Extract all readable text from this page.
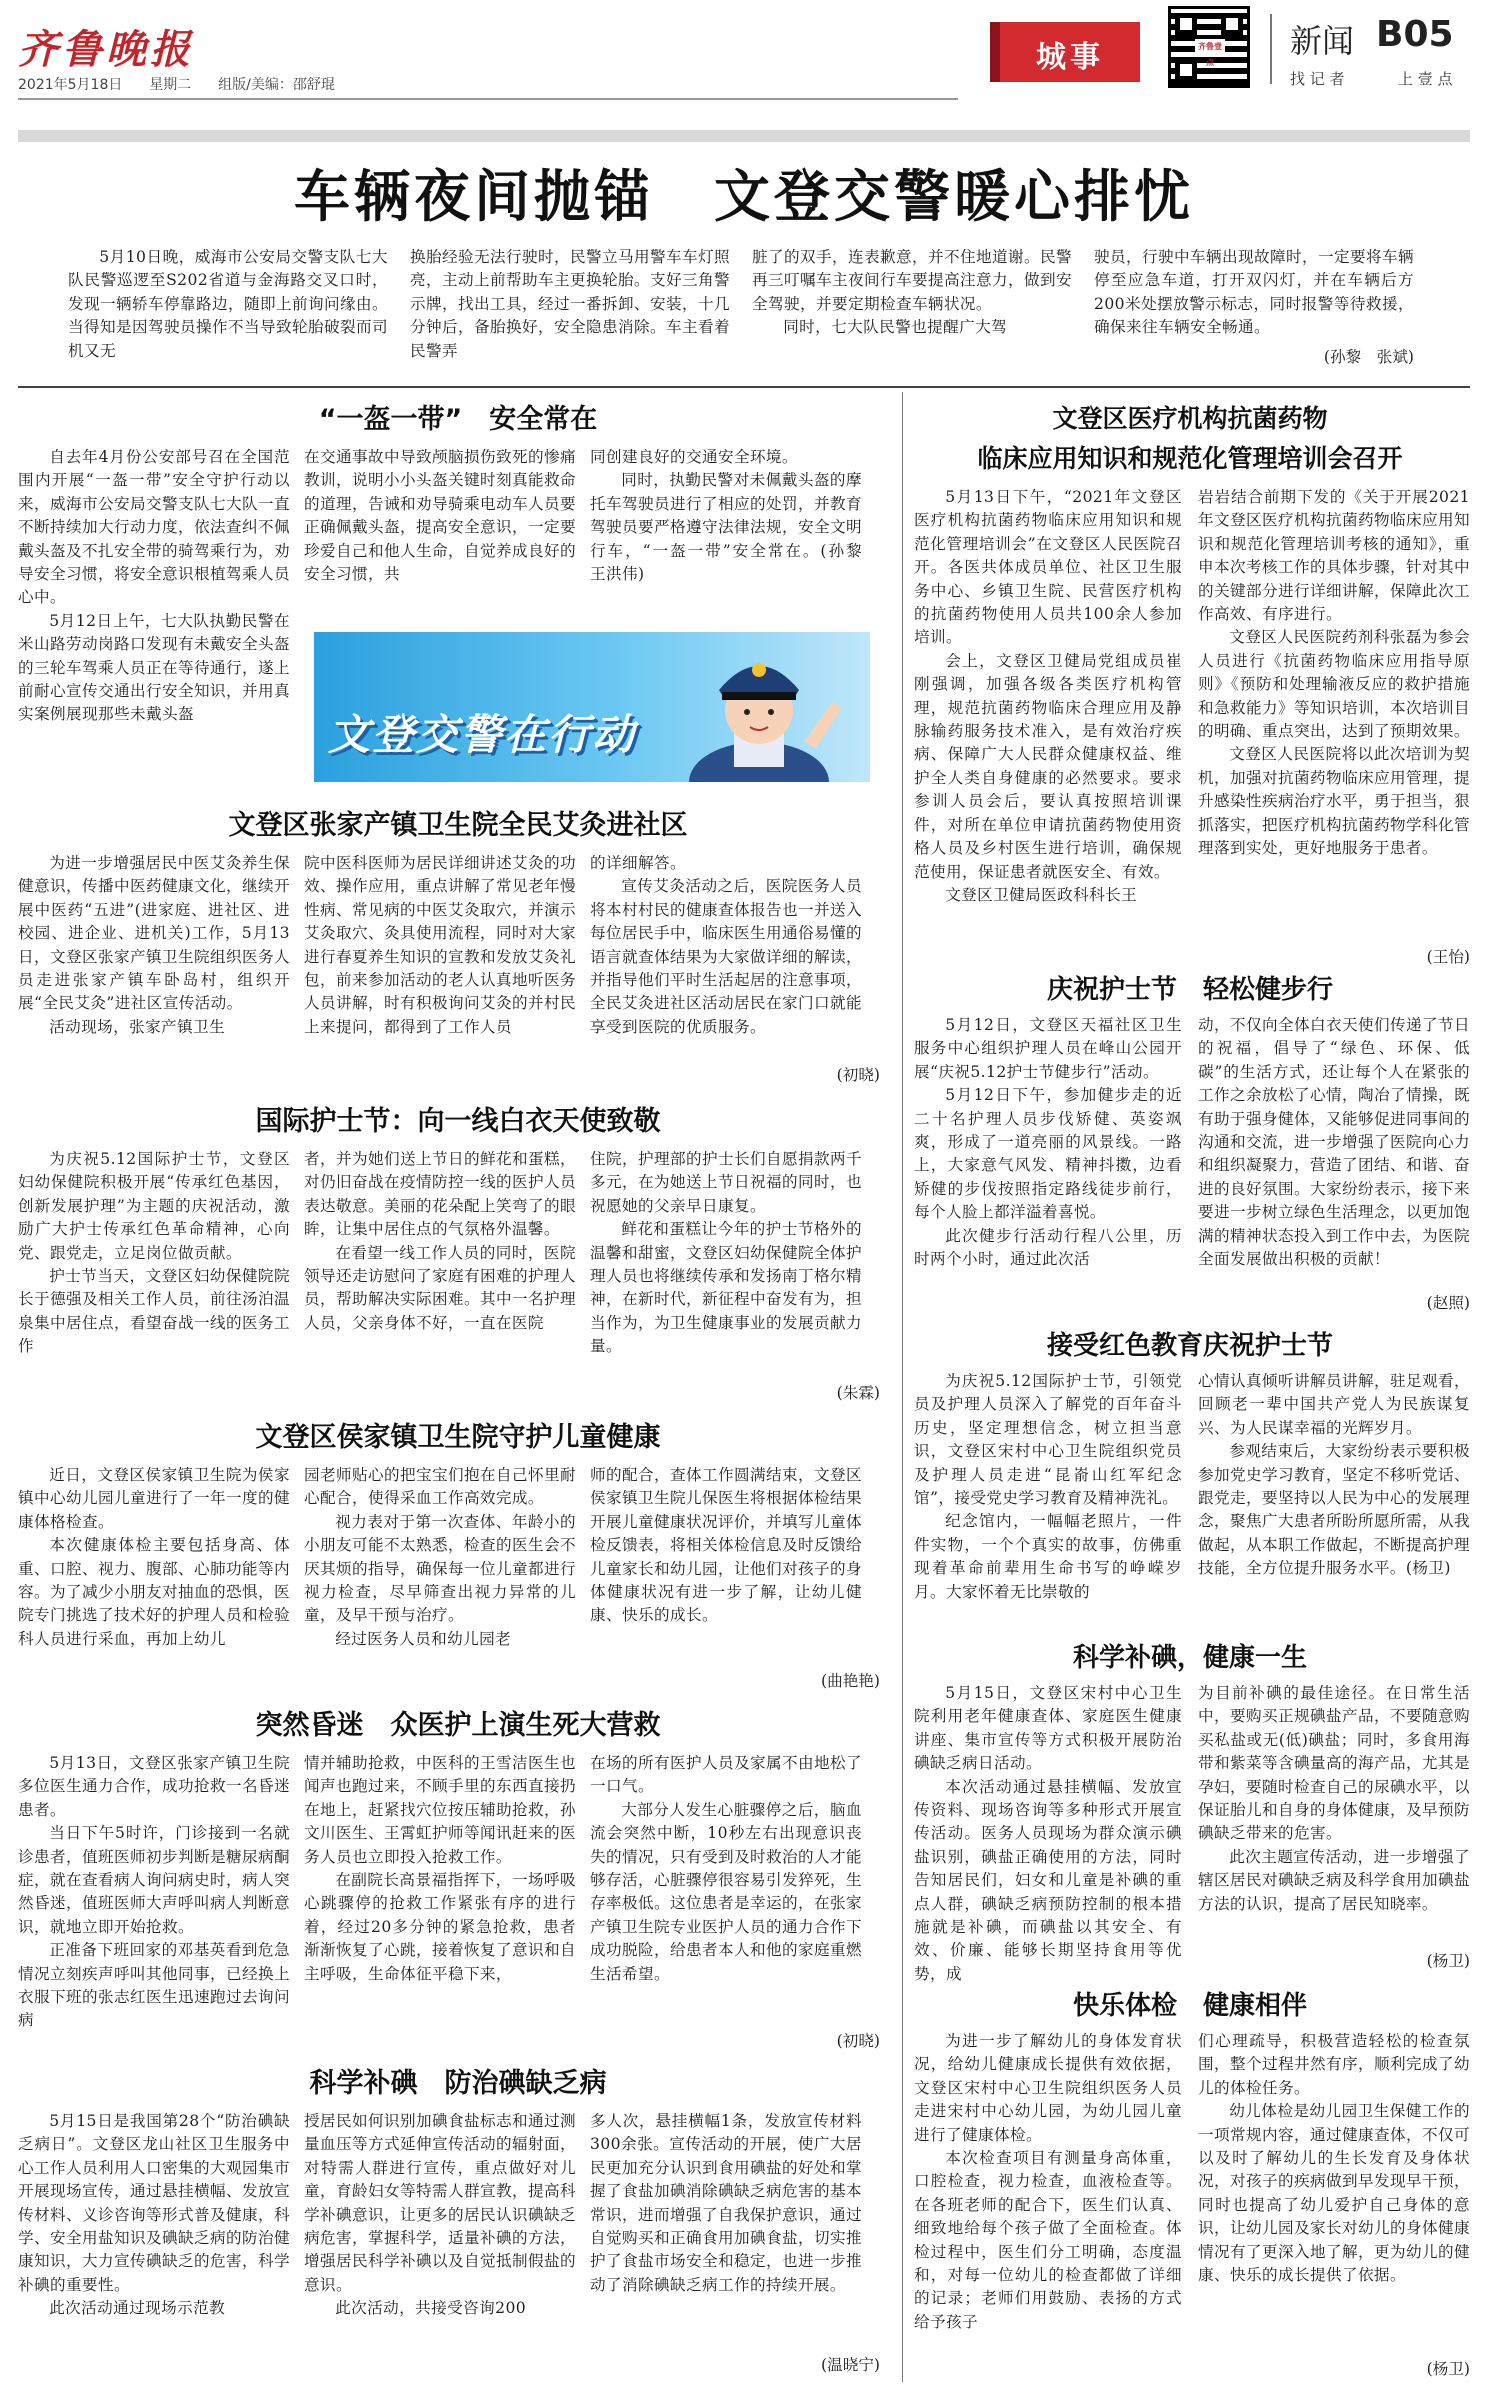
齐鲁晚报
2021年5月18日 星期二 组版/美编：邵舒琨
城事	齐鲁壹点
新闻 B05
找 记 者	上 壹 点
车辆夜间抛锚　文登交警暖心排忧

5月10日晚，威海市公安局交警支队七大队民警巡逻至S202省道与金海路交叉口时，发现一辆轿车停靠路边，随即上前询问缘由。当得知是因驾驶员操作不当导致轮胎破裂而司机又无

换胎经验无法行驶时，民警立马用警车车灯照亮，主动上前帮助车主更换轮胎。支好三角警示牌，找出工具，经过一番拆卸、安装，十几分钟后，备胎换好，安全隐患消除。车主看着民警弄

脏了的双手，连表歉意，并不住地道谢。民警再三叮嘱车主夜间行车要提高注意力，做到安全驾驶，并要定期检查车辆状况。

同时，七大队民警也提醒广大驾

驶员，行驶中车辆出现故障时，一定要将车辆停至应急车道，打开双闪灯，并在车辆后方200米处摆放警示标志，同时报警等待救援，确保来往车辆安全畅通。

(孙黎　张斌)
“一盔一带”　安全常在

自去年4月份公安部号召在全国范围内开展“一盔一带”安全守护行动以来，威海市公安局交警支队七大队一直不断持续加大行动力度，依法查纠不佩戴头盔及不扎安全带的骑驾乘行为，劝导安全习惯，将安全意识根植驾乘人员心中。

5月12日上午，七大队执勤民警在米山路劳动岗路口发现有未戴安全头盔的三轮车驾乘人员正在等待通行，遂上前耐心宣传交通出行安全知识，并用真实案例展现那些未戴头盔

在交通事故中导致颅脑损伤致死的惨痛教训，说明小小头盔关键时刻真能救命的道理，告诫和劝导骑乘电动车人员要正确佩戴头盔，提高安全意识，一定要珍爱自己和他人生命，自觉养成良好的安全习惯，共

同创建良好的交通安全环境。

同时，执勤民警对未佩戴头盔的摩托车驾驶员进行了相应的处罚，并教育驾驶员要严格遵守法律法规，安全文明行车，“一盔一带”安全常在。(孙黎　王洪伟)

文登交警在行动
文登区张家产镇卫生院全民艾灸进社区

为进一步增强居民中医艾灸养生保健意识，传播中医药健康文化，继续开展中医药“五进”(进家庭、进社区、进校园、进企业、进机关)工作，5月13日，文登区张家产镇卫生院组织医务人员走进张家产镇车卧岛村，组织开展“全民艾灸”进社区宣传活动。

活动现场，张家产镇卫生

院中医科医师为居民详细讲述艾灸的功效、操作应用，重点讲解了常见老年慢性病、常见病的中医艾灸取穴，并演示艾灸取穴、灸具使用流程，同时对大家进行春夏养生知识的宣教和发放艾灸礼包，前来参加活动的老人认真地听医务人员讲解，时有积极询问艾灸的并村民上来提问，都得到了工作人员

的详细解答。

宣传艾灸活动之后，医院医务人员将本村村民的健康查体报告也一并送入每位居民手中，临床医生用通俗易懂的语言就查体结果为大家做详细的解读，并指导他们平时生活起居的注意事项，全民艾灸进社区活动居民在家门口就能享受到医院的优质服务。

(初晓)
国际护士节：向一线白衣天使致敬

为庆祝5.12国际护士节，文登区妇幼保健院积极开展“传承红色基因，创新发展护理”为主题的庆祝活动，激励广大护士传承红色革命精神，心向党、跟党走，立足岗位做贡献。

护士节当天，文登区妇幼保健院院长于德强及相关工作人员，前往汤泊温泉集中居住点，看望奋战一线的医务工作

者，并为她们送上节日的鲜花和蛋糕，对仍旧奋战在疫情防控一线的医护人员表达敬意。美丽的花朵配上笑弯了的眼眸，让集中居住点的气氛格外温馨。

在看望一线工作人员的同时，医院领导还走访慰问了家庭有困难的护理人员，帮助解决实际困难。其中一名护理人员，父亲身体不好，一直在医院

住院，护理部的护士长们自愿捐款两千多元，在为她送上节日祝福的同时，也祝愿她的父亲早日康复。

鲜花和蛋糕让今年的护士节格外的温馨和甜蜜，文登区妇幼保健院全体护理人员也将继续传承和发扬南丁格尔精神，在新时代，新征程中奋发有为，担当作为，为卫生健康事业的发展贡献力量。

(朱霖)
文登区侯家镇卫生院守护儿童健康

近日，文登区侯家镇卫生院为侯家镇中心幼儿园儿童进行了一年一度的健康体格检查。

本次健康体检主要包括身高、体重、口腔、视力、腹部、心肺功能等内容。为了减少小朋友对抽血的恐惧，医院专门挑选了技术好的护理人员和检验科人员进行采血，再加上幼儿

园老师贴心的把宝宝们抱在自己怀里耐心配合，使得采血工作高效完成。

视力表对于第一次查体、年龄小的小朋友可能不太熟悉，检查的医生会不厌其烦的指导，确保每一位儿童都进行视力检查，尽早筛查出视力异常的儿童，及早干预与治疗。

经过医务人员和幼儿园老

师的配合，查体工作圆满结束，文登区侯家镇卫生院儿保医生将根据体检结果开展儿童健康状况评价，并填写儿童体检反馈表，将相关体检信息及时反馈给儿童家长和幼儿园，让他们对孩子的身体健康状况有进一步了解，让幼儿健康、快乐的成长。

(曲艳艳)
突然昏迷　众医护上演生死大营救

5月13日，文登区张家产镇卫生院多位医生通力合作，成功抢救一名昏迷患者。

当日下午5时许，门诊接到一名就诊患者，值班医师初步判断是糖尿病酮症，就在查看病人询问病史时，病人突然昏迷，值班医师大声呼叫病人判断意识，就地立即开始抢救。

正准备下班回家的邓基英看到危急情况立刻疾声呼叫其他同事，已经换上衣服下班的张志红医生迅速跑过去询问病

情并辅助抢救，中医科的王雪洁医生也闻声也跑过来，不顾手里的东西直接扔在地上，赶紧找穴位按压辅助抢救，孙文川医生、王霄虹护师等闻讯赶来的医务人员也立即投入抢救工作。

在副院长高景福指挥下，一场呼吸心跳骤停的抢救工作紧张有序的进行着，经过20多分钟的紧急抢救，患者渐渐恢复了心跳，接着恢复了意识和自主呼吸，生命体征平稳下来，

在场的所有医护人员及家属不由地松了一口气。

大部分人发生心脏骤停之后，脑血流会突然中断，10秒左右出现意识丧失的情况，只有受到及时救治的人才能够存活，心脏骤停很容易引发猝死，生存率极低。这位患者是幸运的，在张家产镇卫生院专业医护人员的通力合作下成功脱险，给患者本人和他的家庭重燃生活希望。

(初晓)
科学补碘　防治碘缺乏病

5月15日是我国第28个“防治碘缺乏病日”。文登区龙山社区卫生服务中心工作人员利用人口密集的大观园集市开展现场宣传，通过悬挂横幅、发放宣传材料、义诊咨询等形式普及健康，科学、安全用盐知识及碘缺乏病的防治健康知识，大力宣传碘缺乏的危害，科学补碘的重要性。

此次活动通过现场示范教

授居民如何识别加碘食盐标志和通过测量血压等方式延伸宣传活动的辐射面，对特需人群进行宣传，重点做好对儿童，育龄妇女等特需人群宣教，提高科学补碘意识，让更多的居民认识碘缺乏病危害，掌握科学，适量补碘的方法，增强居民科学补碘以及自觉抵制假盐的意识。

此次活动，共接受咨询200

多人次，悬挂横幅1条，发放宣传材料300余张。宣传活动的开展，使广大居民更加充分认识到食用碘盐的好处和掌握了食盐加碘消除碘缺乏病危害的基本常识，进而增强了自我保护意识，通过自觉购买和正确食用加碘食盐，切实推护了食盐市场安全和稳定，也进一步推动了消除碘缺乏病工作的持续开展。

(温晓宁)
文登区医疗机构抗菌药物
临床应用知识和规范化管理培训会召开

5月13日下午，“2021年文登区医疗机构抗菌药物临床应用知识和规范化管理培训会”在文登区人民医院召开。各医共体成员单位、社区卫生服务中心、乡镇卫生院、民营医疗机构的抗菌药物使用人员共100余人参加培训。

会上，文登区卫健局党组成员崔刚强调，加强各级各类医疗机构管理，规范抗菌药物临床合理应用及静脉输药服务技术准入，是有效治疗疾病、保障广大人民群众健康权益、维护全人类自身健康的必然要求。要求参训人员会后，要认真按照培训课件，对所在单位申请抗菌药物使用资格人员及乡村医生进行培训，确保规范使用，保证患者就医安全、有效。

文登区卫健局医政科科长王

岩岩结合前期下发的《关于开展2021年文登区医疗机构抗菌药物临床应用知识和规范化管理培训考核的通知》，重申本次考核工作的具体步骤，针对其中的关键部分进行详细讲解，保障此次工作高效、有序进行。

文登区人民医院药剂科张磊为参会人员进行《抗菌药物临床应用指导原则》《预防和处理输液反应的救护措施和急救能力》等知识培训，本次培训目的明确、重点突出，达到了预期效果。

文登区人民医院将以此次培训为契机，加强对抗菌药物临床应用管理，提升感染性疾病治疗水平，勇于担当，狠抓落实，把医疗机构抗菌药物学科化管理落到实处，更好地服务于患者。

(王怡)
庆祝护士节　轻松健步行

5月12日，文登区天福社区卫生服务中心组织护理人员在峰山公园开展“庆祝5.12护士节健步行”活动。

5月12日下午，参加健步走的近二十名护理人员步伐矫健、英姿飒爽，形成了一道亮丽的风景线。一路上，大家意气风发、精神抖擞，边看矫健的步伐按照指定路线徒步前行，每个人脸上都洋溢着喜悦。

此次健步行活动行程八公里，历时两个小时，通过此次活

动，不仅向全体白衣天使们传递了节日的祝福，倡导了“绿色、环保、低碳”的生活方式，还让每个人在紧张的工作之余放松了心情，陶冶了情操，既有助于强身健体，又能够促进同事间的沟通和交流，进一步增强了医院向心力和组织凝聚力，营造了团结、和谐、奋进的良好氛围。大家纷纷表示，接下来要进一步树立绿色生活理念，以更加饱满的精神状态投入到工作中去，为医院全面发展做出积极的贡献！

(赵照)
接受红色教育庆祝护士节

为庆祝5.12国际护士节，引领党员及护理人员深入了解党的百年奋斗历史，坚定理想信念，树立担当意识，文登区宋村中心卫生院组织党员及护理人员走进“昆嵛山红军纪念馆”，接受党史学习教育及精神洗礼。

纪念馆内，一幅幅老照片，一件件实物，一个个真实的故事，仿佛重现着革命前辈用生命书写的峥嵘岁月。大家怀着无比崇敬的

心情认真倾听讲解员讲解，驻足观看，回顾老一辈中国共产党人为民族谋复兴、为人民谋幸福的光辉岁月。

参观结束后，大家纷纷表示要积极参加党史学习教育，坚定不移听党话、跟党走，要坚持以人民为中心的发展理念，聚焦广大患者所盼所愿所需，从我做起，从本职工作做起，不断提高护理技能，全方位提升服务水平。(杨卫)

科学补碘，健康一生

5月15日，文登区宋村中心卫生院利用老年健康查体、家庭医生健康讲座、集市宣传等方式积极开展防治碘缺乏病日活动。

本次活动通过悬挂横幅、发放宣传资料、现场咨询等多种形式开展宣传活动。医务人员现场为群众演示碘盐识别，碘盐正确使用的方法，同时告知居民们，妇女和儿童是补碘的重点人群，碘缺乏病预防控制的根本措施就是补碘，而碘盐以其安全、有效、价廉、能够长期坚持食用等优势，成

为目前补碘的最佳途径。在日常生活中，要购买正规碘盐产品，不要随意购买私盐或无(低)碘盐；同时，多食用海带和紫菜等含碘量高的海产品，尤其是孕妇，要随时检查自己的尿碘水平，以保证胎儿和自身的身体健康，及早预防碘缺乏带来的危害。

此次主题宣传活动，进一步增强了辖区居民对碘缺乏病及科学食用加碘盐方法的认识，提高了居民知晓率。

(杨卫)
快乐体检　健康相伴

为进一步了解幼儿的身体发育状况，给幼儿健康成长提供有效依据，文登区宋村中心卫生院组织医务人员走进宋村中心幼儿园，为幼儿园儿童进行了健康体检。

本次检查项目有测量身高体重，口腔检查，视力检查，血液检查等。在各班老师的配合下，医生们认真、细致地给每个孩子做了全面检查。体检过程中，医生们分工明确，态度温和，对每一位幼儿的检查都做了详细的记录；老师们用鼓励、表扬的方式给予孩子

们心理疏导，积极营造轻松的检查氛围，整个过程井然有序，顺利完成了幼儿的体检任务。

幼儿体检是幼儿园卫生保健工作的一项常规内容，通过健康查体，不仅可以及时了解幼儿的生长发育及身体状况，对孩子的疾病做到早发现早干预，同时也提高了幼儿爱护自己身体的意识，让幼儿园及家长对幼儿的身体健康情况有了更深入地了解，更为幼儿的健康、快乐的成长提供了依据。

(杨卫)
